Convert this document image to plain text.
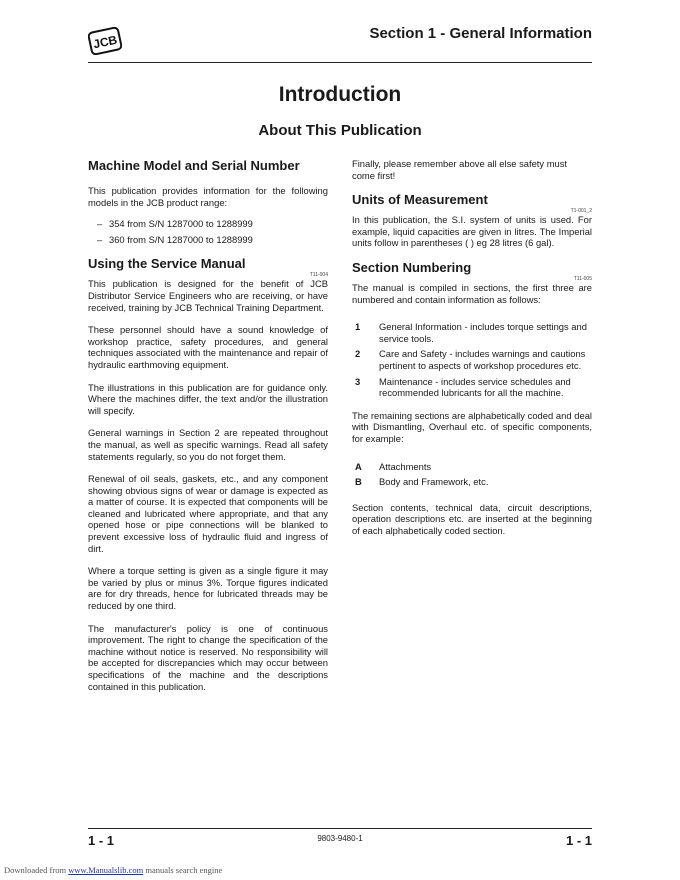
JCB	Section 1 - General Information
Introduction
About This Publication
Machine Model and Serial Number

This publication provides information for the following models in the JCB product range:

– 354 from S/N 1287000 to 1288999
– 360 from S/N 1287000 to 1288999
Using the Service Manual
T11-004

This publication is designed for the benefit of JCB Distributor Service Engineers who are receiving, or have received, training by JCB Technical Training Department.

These personnel should have a sound knowledge of workshop practice, safety procedures, and general techniques associated with the maintenance and repair of hydraulic earthmoving equipment.

The illustrations in this publication are for guidance only. Where the machines differ, the text and/or the illustration will specify.

General warnings in Section 2 are repeated throughout the manual, as well as specific warnings. Read all safety statements regularly, so you do not forget them.

Renewal of oil seals, gaskets, etc., and any component showing obvious signs of wear or damage is expected as a matter of course. It is expected that components will be cleaned and lubricated where appropriate, and that any opened hose or pipe connections will be blanked to prevent excessive loss of hydraulic fluid and ingress of dirt.

Where a torque setting is given as a single figure it may be varied by plus or minus 3%. Torque figures indicated are for dry threads, hence for lubricated threads may be reduced by one third.

The manufacturer's policy is one of continuous improvement. The right to change the specification of the machine without notice is reserved. No responsibility will be accepted for discrepancies which may occur between specifications of the machine and the descriptions contained in this publication.

Finally, please remember above all else safety must come first!

Units of Measurement
T1-001_2

In this publication, the S.I. system of units is used. For example, liquid capacities are given in litres. The Imperial units follow in parentheses ( ) eg 28 litres (6 gal).

Section Numbering
T11-005

The manual is compiled in sections, the first three are numbered and contain information as follows:

1	General Information - includes torque settings and service tools.
2	Care and Safety - includes warnings and cautions pertinent to aspects of workshop procedures etc.
3	Maintenance - includes service schedules and recommended lubricants for all the machine.

The remaining sections are alphabetically coded and deal with Dismantling, Overhaul etc. of specific components, for example:

A	Attachments
B	Body and Framework, etc.

Section contents, technical data, circuit descriptions, operation descriptions etc. are inserted at the beginning of each alphabetically coded section.

1 - 1	9803-9480-1	1 - 1
Downloaded from www.Manualslib.com manuals search engine
